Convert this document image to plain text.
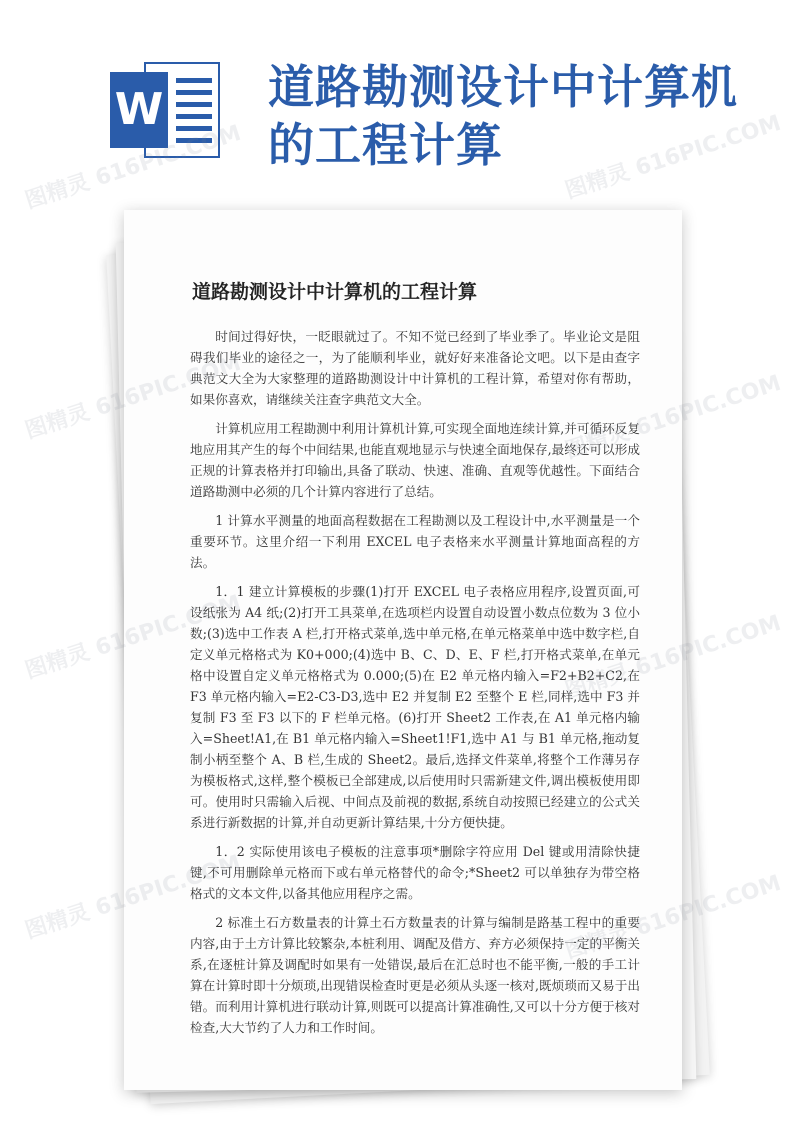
W 道路勘测设计中计算机的工程计算
道路勘测设计中计算机的工程计算

时间过得好快，一眨眼就过了。不知不觉已经到了毕业季了。毕业论文是阻碍我们毕业的途径之一，为了能顺利毕业，就好好来准备论文吧。以下是由查字典范文大全为大家整理的道路勘测设计中计算机的工程计算，希望对你有帮助，如果你喜欢，请继续关注查字典范文大全。

计算机应用工程勘测中利用计算机计算,可实现全面地连续计算,并可循环反复地应用其产生的每个中间结果,也能直观地显示与快速全面地保存,最终还可以形成正规的计算表格并打印输出,具备了联动、快速、准确、直观等优越性。下面结合道路勘测中必须的几个计算内容进行了总结。

1 计算水平测量的地面高程数据在工程勘测以及工程设计中,水平测量是一个重要环节。这里介绍一下利用 EXCEL 电子表格来水平测量计算地面高程的方法。

1．1 建立计算模板的步骤(1)打开 EXCEL 电子表格应用程序,设置页面,可设纸张为 A4 纸;(2)打开工具菜单,在选项栏内设置自动设置小数点位数为 3 位小数;(3)选中工作表 A 栏,打开格式菜单,选中单元格,在单元格菜单中选中数字栏,自定义单元格格式为 K0+000;(4)选中 B、C、D、E、F 栏,打开格式菜单,在单元格中设置自定义单元格格式为 0.000;(5)在 E2 单元格内输入=F2+B2+C2,在 F3 单元格内输入=E2-C3-D3,选中 E2 并复制 E2 至整个 E 栏,同样,选中 F3 并复制 F3 至 F3 以下的 F 栏单元格。(6)打开 Sheet2 工作表,在 A1 单元格内输入=Sheet!A1,在 B1 单元格内输入=Sheet1!F1,选中 A1 与 B1 单元格,拖动复制小柄至整个 A、B 栏,生成的 Sheet2。最后,选择文件菜单,将整个工作薄另存为模板格式,这样,整个模板已全部建成,以后使用时只需新建文件,调出模板使用即可。使用时只需输入后视、中间点及前视的数据,系统自动按照已经建立的公式关系进行新数据的计算,并自动更新计算结果,十分方便快捷。

1．2 实际使用该电子模板的注意事项*删除字符应用 Del 键或用清除快捷键,不可用删除单元格而下或右单元格替代的命令;*Sheet2 可以单独存为带空格格式的文本文件,以备其他应用程序之需。

2 标准土石方数量表的计算土石方数量表的计算与编制是路基工程中的重要内容,由于土方计算比较繁杂,本桩利用、调配及借方、弃方必须保持一定的平衡关系,在逐桩计算及调配时如果有一处错误,最后在汇总时也不能平衡,一般的手工计算在计算时即十分烦琐,出现错误检查时更是必须从头逐一核对,既烦琐而又易于出错。而利用计算机进行联动计算,则既可以提高计算准确性,又可以十分方便于核对检查,大大节约了人力和工作时间。

图精灵 616PIC.COM	图精灵 616PIC.COM
图精灵	616PIC.COM
图精灵	616PIC.COM
图精灵	616PIC.COM
